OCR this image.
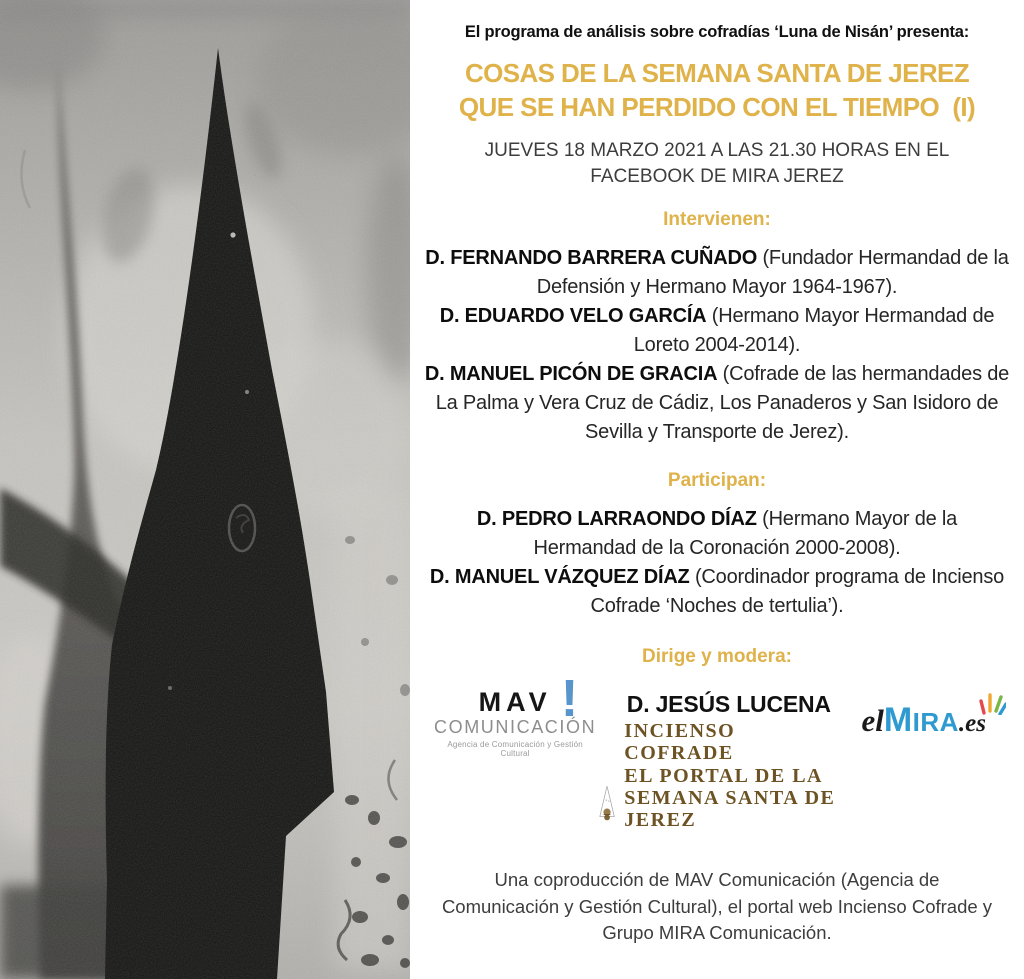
El programa de análisis sobre cofradías ‘Luna de Nisán’ presenta:
COSAS DE LA SEMANA SANTA DE JEREZ
QUE SE HAN PERDIDO CON EL TIEMPO  (I)
JUEVES 18 MARZO 2021 A LAS 21.30 HORAS EN EL
FACEBOOK DE MIRA JEREZ
Intervienen:

D. FERNANDO BARRERA CUÑADO (Fundador Hermandad de la Defensión y Hermano Mayor 1964-1967).

D. EDUARDO VELO GARCÍA (Hermano Mayor Hermandad de Loreto 2004-2014).

D. MANUEL PICÓN DE GRACIA (Cofrade de las hermandades de La Palma y Vera Cruz de Cádiz, Los Panaderos y San Isidoro de Sevilla y Transporte de Jerez).

Participan:

D. PEDRO LARRAONDO DÍAZ (Hermano Mayor de la Hermandad de la Coronación 2000-2008).

D. MANUEL VÁZQUEZ DÍAZ (Coordinador programa de Incienso Cofrade ‘Noches de tertulia’).

Dirige y modera:
MAV !
COMUNICACIÓN
Agencia de Comunicación y Gestión Cultural
D. JESÚS LUCENA
INCIENSO
COFRADE
EL PORTAL DE LA SEMANA SANTA DE JEREZ
elMIRA.es
Una coproducción de MAV Comunicación (Agencia de Comunicación y Gestión Cultural), el portal web Incienso Cofrade y Grupo MIRA Comunicación.
